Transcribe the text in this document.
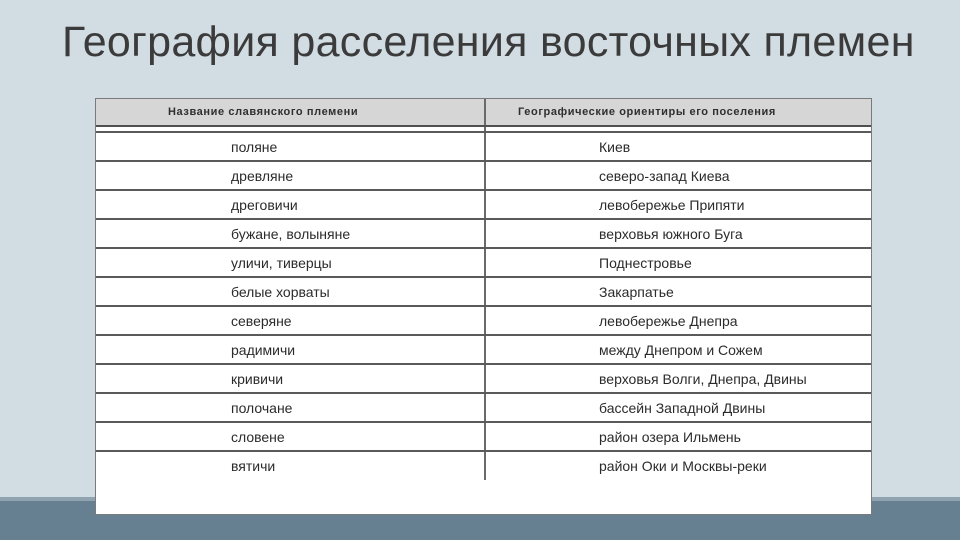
География расселения восточных племен
Название славянского племени	Географические ориентиры его поселения

поляне	Киев
древляне	северо-запад Киева
дреговичи	левобережье Припяти
бужане, волыняне	верховья южного Буга
уличи, тиверцы	Поднестровье
белые хорваты	Закарпатье
северяне	левобережье Днепра
радимичи	между Днепром и Сожем
кривичи	верховья Волги, Днепра, Двины
полочане	бассейн Западной Двины
словене	район озера Ильмень
вятичи	район Оки и Москвы-реки
